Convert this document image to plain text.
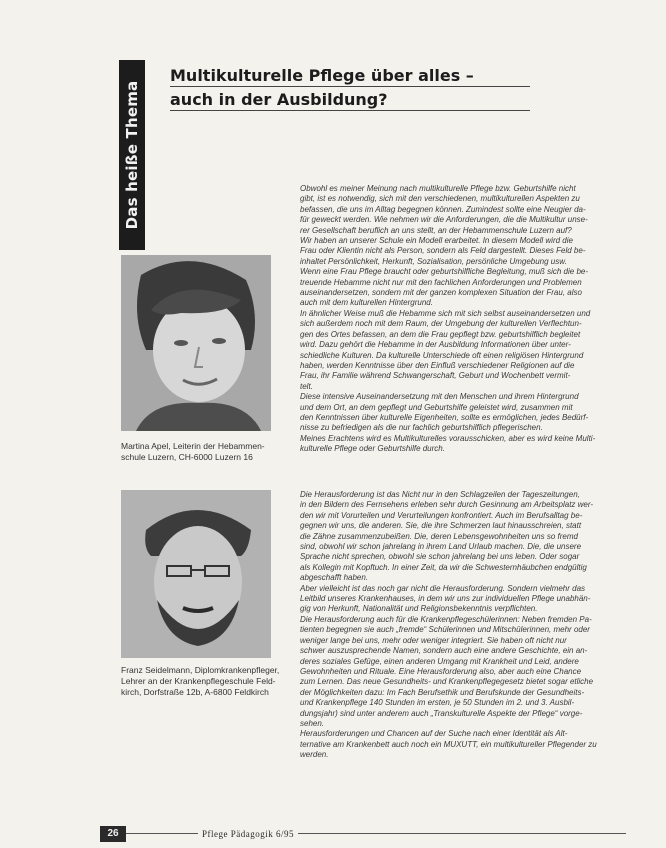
Das heiße Thema
Multikulturelle Pflege über alles –
auch in der Ausbildung?
Martina Apel, Leiterin der Hebammen-
schule Luzern, CH-6000 Luzern 16
Franz Seidelmann, Diplomkrankenpfleger,
Lehrer an der Krankenpflegeschule Feld-
kirch, Dorfstraße 12b, A-6800 Feldkirch

Obwohl es meiner Meinung nach multikulturelle Pflege bzw. Geburtshilfe nicht

gibt, ist es notwendig, sich mit den verschiedenen, multikulturellen Aspekten zu

befassen, die uns im Alltag begegnen können. Zumindest sollte eine Neugier da-

für geweckt werden. Wie nehmen wir die Anforderungen, die die Multikultur unse-

rer Gesellschaft beruflich an uns stellt, an der Hebammenschule Luzern auf?

Wir haben an unserer Schule ein Modell erarbeitet. In diesem Modell wird die

Frau oder Klientin nicht als Person, sondern als Feld dargestellt. Dieses Feld be-

inhaltet Persönlichkeit, Herkunft, Sozialisation, persönliche Umgebung usw.

Wenn eine Frau Pflege braucht oder geburtshilfliche Begleitung, muß sich die be-

treuende Hebamme nicht nur mit den fachlichen Anforderungen und Problemen

auseinandersetzen, sondern mit der ganzen komplexen Situation der Frau, also

auch mit dem kulturellen Hintergrund.

In ähnlicher Weise muß die Hebamme sich mit sich selbst auseinandersetzen und

sich außerdem noch mit dem Raum, der Umgebung der kulturellen Verflechtun-

gen des Ortes befassen, an dem die Frau gepflegt bzw. geburtshilflich begleitet

wird. Dazu gehört die Hebamme in der Ausbildung Informationen über unter-

schiedliche Kulturen. Da kulturelle Unterschiede oft einen religiösen Hintergrund

haben, werden Kenntnisse über den Einfluß verschiedener Religionen auf die

Frau, ihr Familie während Schwangerschaft, Geburt und Wochenbett vermit-

telt.

Diese intensive Auseinandersetzung mit den Menschen und ihrem Hintergrund

und dem Ort, an dem gepflegt und Geburtshilfe geleistet wird, zusammen mit

den Kenntnissen über kulturelle Eigenheiten, sollte es ermöglichen, jedes Bedürf-

nisse zu befriedigen als die nur fachlich geburtshilflich pflegerischen.

Meines Erachtens wird es Multikulturelles vorausschicken, aber es wird keine Multi-

kulturelle Pflege oder Geburtshilfe durch.

Die Herausforderung ist das Nicht nur in den Schlagzeilen der Tageszeitungen,

in den Bildern des Fernsehens erleben sehr durch Gesinnung am Arbeitsplatz wer-

den wir mit Vorurteilen und Verurteilungen konfrontiert. Auch im Berufsalltag be-

gegnen wir uns, die anderen. Sie, die ihre Schmerzen laut hinausschreien, statt

die Zähne zusammenzubeißen. Die, deren Lebensgewohnheiten uns so fremd

sind, obwohl wir schon jahrelang in ihrem Land Urlaub machen. Die, die unsere

Sprache nicht sprechen, obwohl sie schon jahrelang bei uns leben. Oder sogar

als Kollegin mit Kopftuch. In einer Zeit, da wir die Schwesternhäubchen endgültig

abgeschafft haben.

Aber vielleicht ist das noch gar nicht die Herausforderung. Sondern vielmehr das

Leitbild unseres Krankenhauses, in dem wir uns zur individuellen Pflege unabhän-

gig von Herkunft, Nationalität und Religionsbekenntnis verpflichten.

Die Herausforderung auch für die Krankenpflegeschülerinnen: Neben fremden Pa-

tienten begegnen sie auch „fremde“ Schülerinnen und Mitschülerinnen, mehr oder

weniger lange bei uns, mehr oder weniger integriert. Sie haben oft nicht nur

schwer auszusprechende Namen, sondern auch eine andere Geschichte, ein an-

deres soziales Gefüge, einen anderen Umgang mit Krankheit und Leid, andere

Gewohnheiten und Rituale. Eine Herausforderung also, aber auch eine Chance

zum Lernen. Das neue Gesundheits- und Krankenpflegegesetz bietet sogar etliche

der Möglichkeiten dazu: Im Fach Berufsethik und Berufskunde der Gesundheits-

und Krankenpflege 140 Stunden im ersten, je 50 Stunden im 2. und 3. Ausbil-

dungsjahr) sind unter anderem auch „Transkulturelle Aspekte der Pflege“ vorge-

sehen.

Herausforderungen und Chancen auf der Suche nach einer Identität als Alt-

ternative am Krankenbett auch noch ein MUXUTT, ein multikultureller Pflegender zu

werden.

26	Pflege Pädagogik 6/95
